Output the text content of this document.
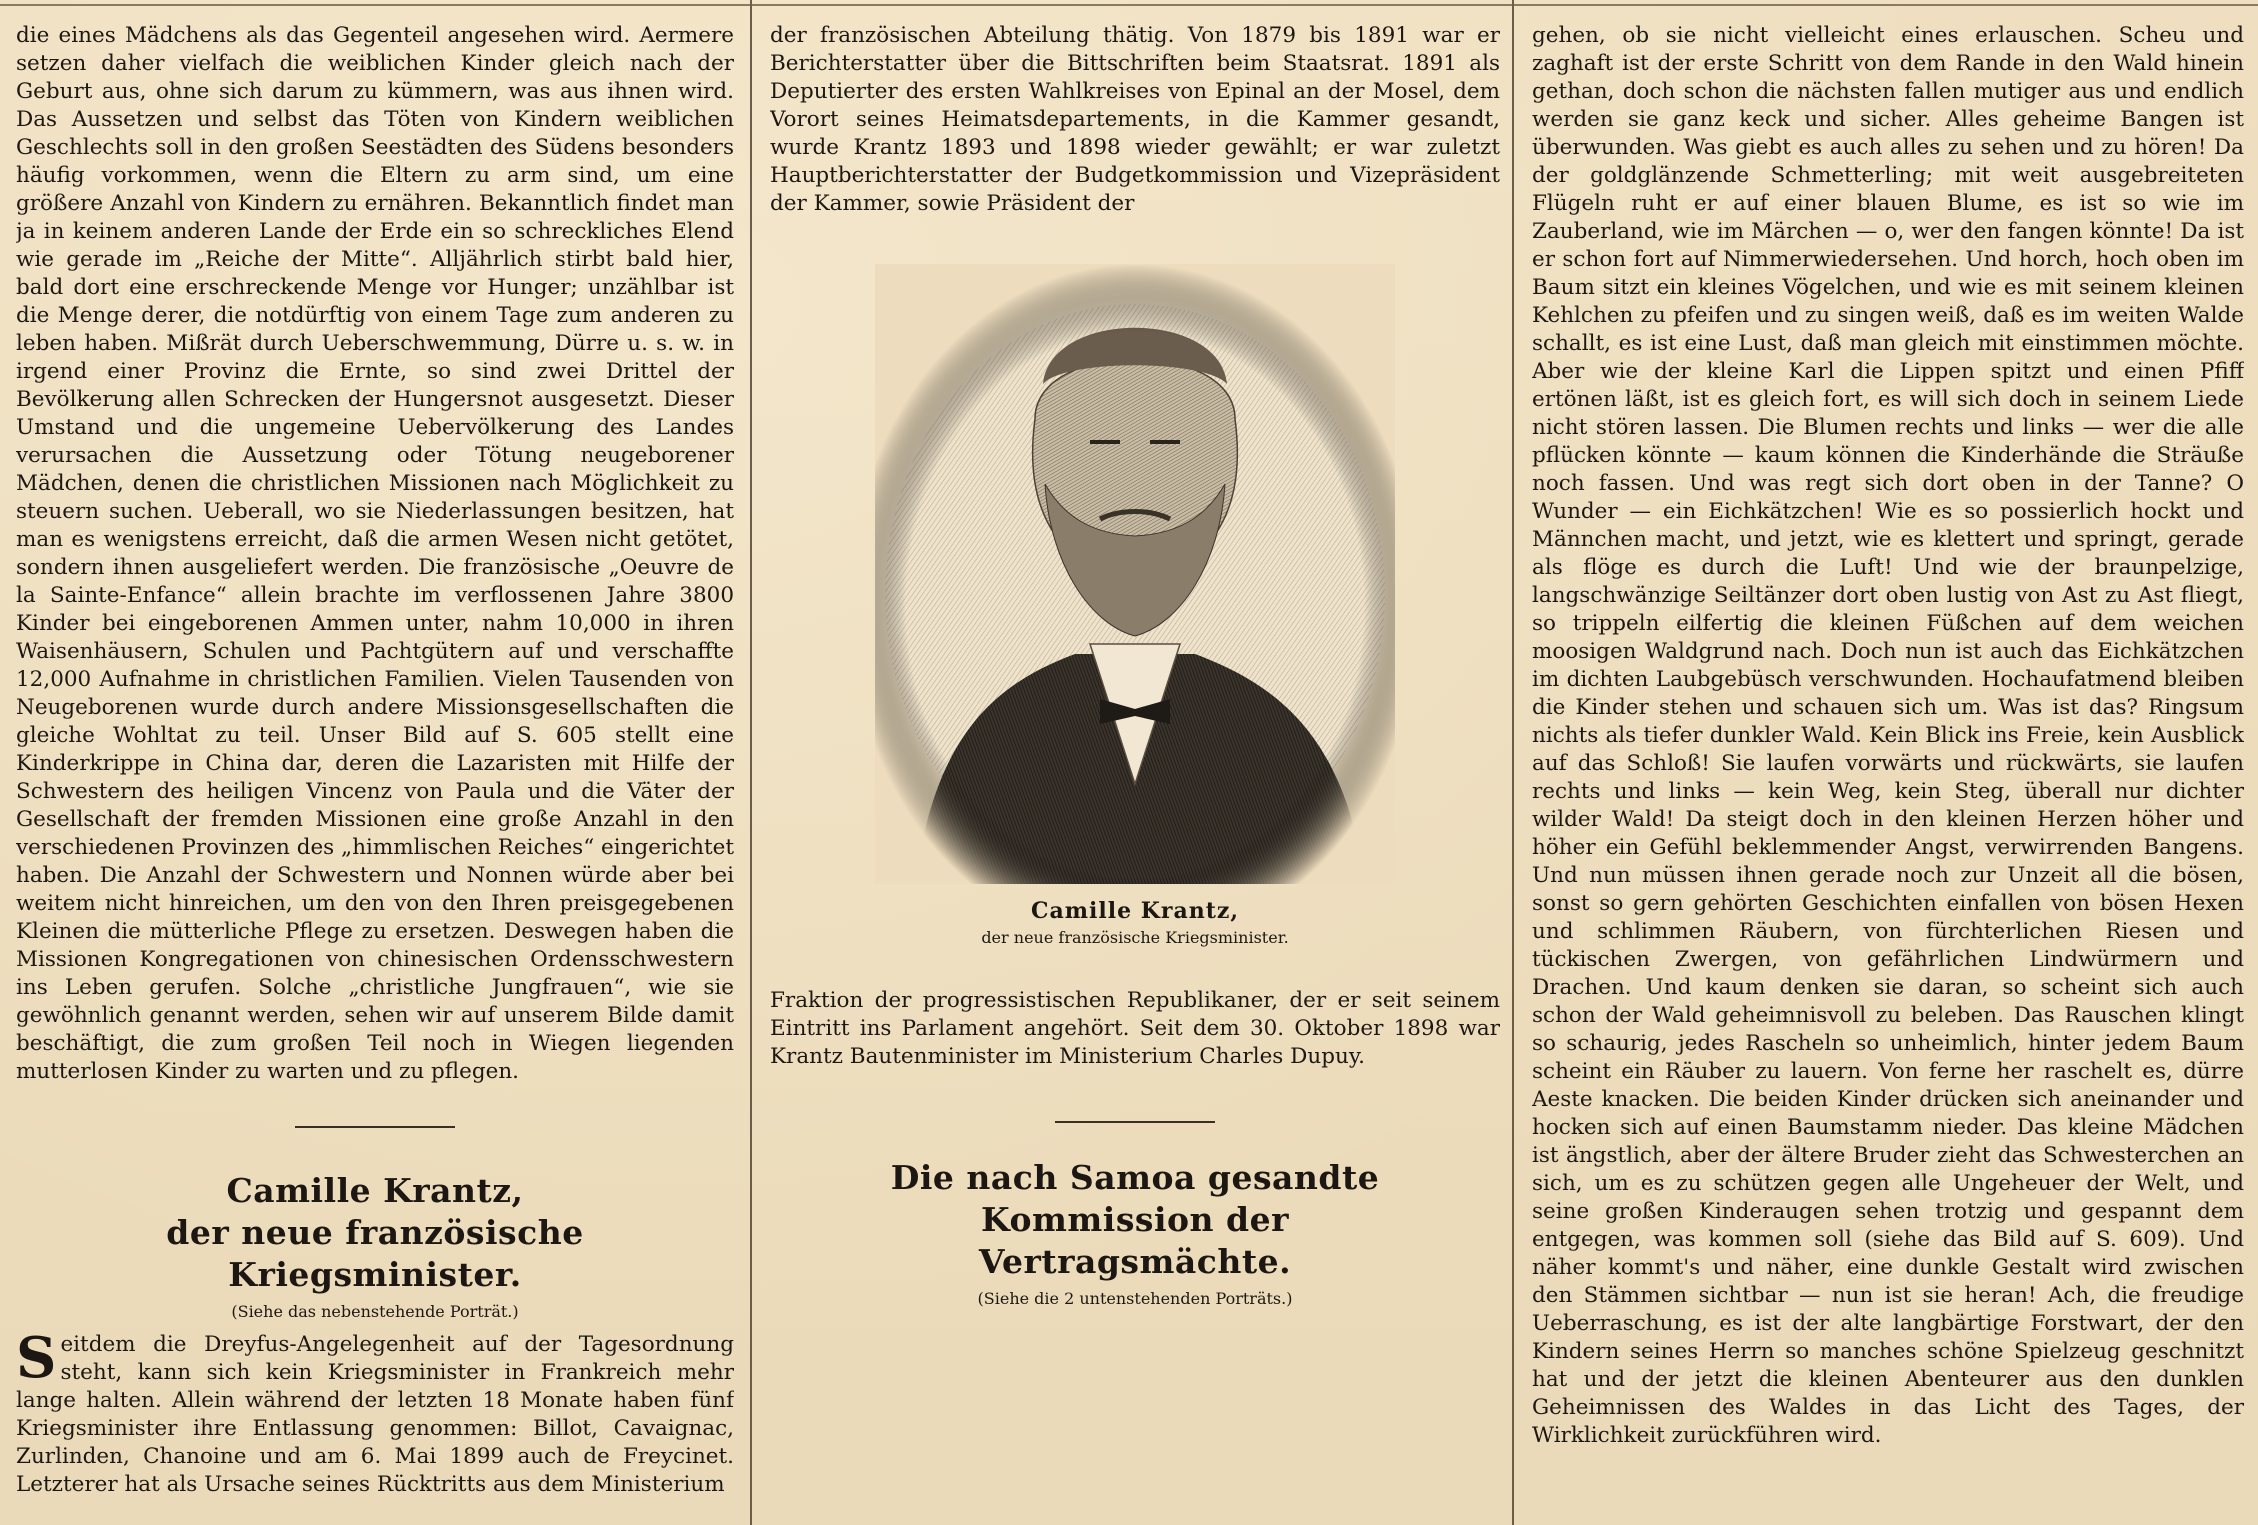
die eines Mädchens als das Gegenteil angesehen wird. Aermere setzen daher vielfach die weiblichen Kinder gleich nach der Geburt aus, ohne sich darum zu kümmern, was aus ihnen wird. Das Aussetzen und selbst das Töten von Kindern weiblichen Geschlechts soll in den großen Seestädten des Südens besonders häufig vorkommen, wenn die Eltern zu arm sind, um eine größere Anzahl von Kindern zu ernähren. Bekanntlich findet man ja in keinem anderen Lande der Erde ein so schreckliches Elend wie gerade im „Reiche der Mitte“. Alljährlich stirbt bald hier, bald dort eine erschreckende Menge vor Hunger; unzählbar ist die Menge derer, die notdürftig von einem Tage zum anderen zu leben haben. Mißrät durch Ueberschwemmung, Dürre u. s. w. in irgend einer Provinz die Ernte, so sind zwei Drittel der Bevölkerung allen Schrecken der Hungersnot ausgesetzt. Dieser Umstand und die ungemeine Uebervölkerung des Landes verursachen die Aussetzung oder Tötung neugeborener Mädchen, denen die christlichen Missionen nach Möglichkeit zu steuern suchen. Ueberall, wo sie Niederlassungen besitzen, hat man es wenigstens erreicht, daß die armen Wesen nicht getötet, sondern ihnen ausgeliefert werden. Die französische „Oeuvre de la Sainte-Enfance“ allein brachte im verflossenen Jahre 3800 Kinder bei eingeborenen Ammen unter, nahm 10,000 in ihren Waisenhäusern, Schulen und Pachtgütern auf und verschaffte 12,000 Aufnahme in christlichen Familien. Vielen Tausenden von Neugeborenen wurde durch andere Missionsgesellschaften die gleiche Wohltat zu teil. Unser Bild auf S. 605 stellt eine Kinderkrippe in China dar, deren die Lazaristen mit Hilfe der Schwestern des heiligen Vincenz von Paula und die Väter der Gesellschaft der fremden Missionen eine große Anzahl in den verschiedenen Provinzen des „himmlischen Reiches“ eingerichtet haben. Die Anzahl der Schwestern und Nonnen würde aber bei weitem nicht hinreichen, um den von den Ihren preisgegebenen Kleinen die mütterliche Pflege zu ersetzen. Deswegen haben die Missionen Kongregationen von chinesischen Ordensschwestern ins Leben gerufen. Solche „christliche Jungfrauen“, wie sie gewöhnlich genannt werden, sehen wir auf unserem Bilde damit beschäftigt, die zum großen Teil noch in Wiegen liegenden mutterlosen Kinder zu warten und zu pflegen.

Camille Krantz,
der neue französische Kriegsminister.
(Siehe das nebenstehende Porträt.)

Seitdem die Dreyfus-Angelegenheit auf der Tagesordnung steht, kann sich kein Kriegsminister in Frankreich mehr lange halten. Allein während der letzten 18 Monate haben fünf Kriegsminister ihre Entlassung genommen: Billot, Cavaignac, Zurlinden, Chanoine und am 6. Mai 1899 auch de Freycinet. Letzterer hat als Ursache seines Rücktritts aus dem Ministerium

der französischen Abteilung thätig. Von 1879 bis 1891 war er Berichterstatter über die Bittschriften beim Staatsrat. 1891 als Deputierter des ersten Wahlkreises von Epinal an der Mosel, dem Vorort seines Heimatsdepartements, in die Kammer gesandt, wurde Krantz 1893 und 1898 wieder gewählt; er war zuletzt Hauptberichterstatter der Budgetkommission und Vizepräsident der Kammer, sowie Präsident der

Camille Krantz,
der neue französische Kriegsminister.

Fraktion der progressistischen Republikaner, der er seit seinem Eintritt ins Parlament angehört. Seit dem 30. Oktober 1898 war Krantz Bautenminister im Ministerium Charles Dupuy.

Die nach Samoa gesandte Kommission der
Vertragsmächte.
(Siehe die 2 untenstehenden Porträts.)

gehen, ob sie nicht vielleicht eines erlauschen. Scheu und zaghaft ist der erste Schritt von dem Rande in den Wald hinein gethan, doch schon die nächsten fallen mutiger aus und endlich werden sie ganz keck und sicher. Alles geheime Bangen ist überwunden. Was giebt es auch alles zu sehen und zu hören! Da der goldglänzende Schmetterling; mit weit ausgebreiteten Flügeln ruht er auf einer blauen Blume, es ist so wie im Zauberland, wie im Märchen — o, wer den fangen könnte! Da ist er schon fort auf Nimmerwiedersehen. Und horch, hoch oben im Baum sitzt ein kleines Vögelchen, und wie es mit seinem kleinen Kehlchen zu pfeifen und zu singen weiß, daß es im weiten Walde schallt, es ist eine Lust, daß man gleich mit einstimmen möchte. Aber wie der kleine Karl die Lippen spitzt und einen Pfiff ertönen läßt, ist es gleich fort, es will sich doch in seinem Liede nicht stören lassen. Die Blumen rechts und links — wer die alle pflücken könnte — kaum können die Kinderhände die Sträuße noch fassen. Und was regt sich dort oben in der Tanne? O Wunder — ein Eichkätzchen! Wie es so possierlich hockt und Männchen macht, und jetzt, wie es klettert und springt, gerade als flöge es durch die Luft! Und wie der braunpelzige, langschwänzige Seiltänzer dort oben lustig von Ast zu Ast fliegt, so trippeln eilfertig die kleinen Füßchen auf dem weichen moosigen Waldgrund nach. Doch nun ist auch das Eichkätzchen im dichten Laubgebüsch verschwunden. Hochaufatmend bleiben die Kinder stehen und schauen sich um. Was ist das? Ringsum nichts als tiefer dunkler Wald. Kein Blick ins Freie, kein Ausblick auf das Schloß! Sie laufen vorwärts und rückwärts, sie laufen rechts und links — kein Weg, kein Steg, überall nur dichter wilder Wald! Da steigt doch in den kleinen Herzen höher und höher ein Gefühl beklemmender Angst, verwirrenden Bangens. Und nun müssen ihnen gerade noch zur Unzeit all die bösen, sonst so gern gehörten Geschichten einfallen von bösen Hexen und schlimmen Räubern, von fürchterlichen Riesen und tückischen Zwergen, von gefährlichen Lindwürmern und Drachen. Und kaum denken sie daran, so scheint sich auch schon der Wald geheimnisvoll zu beleben. Das Rauschen klingt so schaurig, jedes Rascheln so unheimlich, hinter jedem Baum scheint ein Räuber zu lauern. Von ferne her raschelt es, dürre Aeste knacken. Die beiden Kinder drücken sich aneinander und hocken sich auf einen Baumstamm nieder. Das kleine Mädchen ist ängstlich, aber der ältere Bruder zieht das Schwesterchen an sich, um es zu schützen gegen alle Ungeheuer der Welt, und seine großen Kinderaugen sehen trotzig und gespannt dem entgegen, was kommen soll (siehe das Bild auf S. 609). Und näher kommt's und näher, eine dunkle Gestalt wird zwischen den Stämmen sichtbar — nun ist sie heran! Ach, die freudige Ueberraschung, es ist der alte langbärtige Forstwart, der den Kindern seines Herrn so manches schöne Spielzeug geschnitzt hat und der jetzt die kleinen Abenteurer aus den dunklen Geheimnissen des Waldes in das Licht des Tages, der Wirklichkeit zurückführen wird.
